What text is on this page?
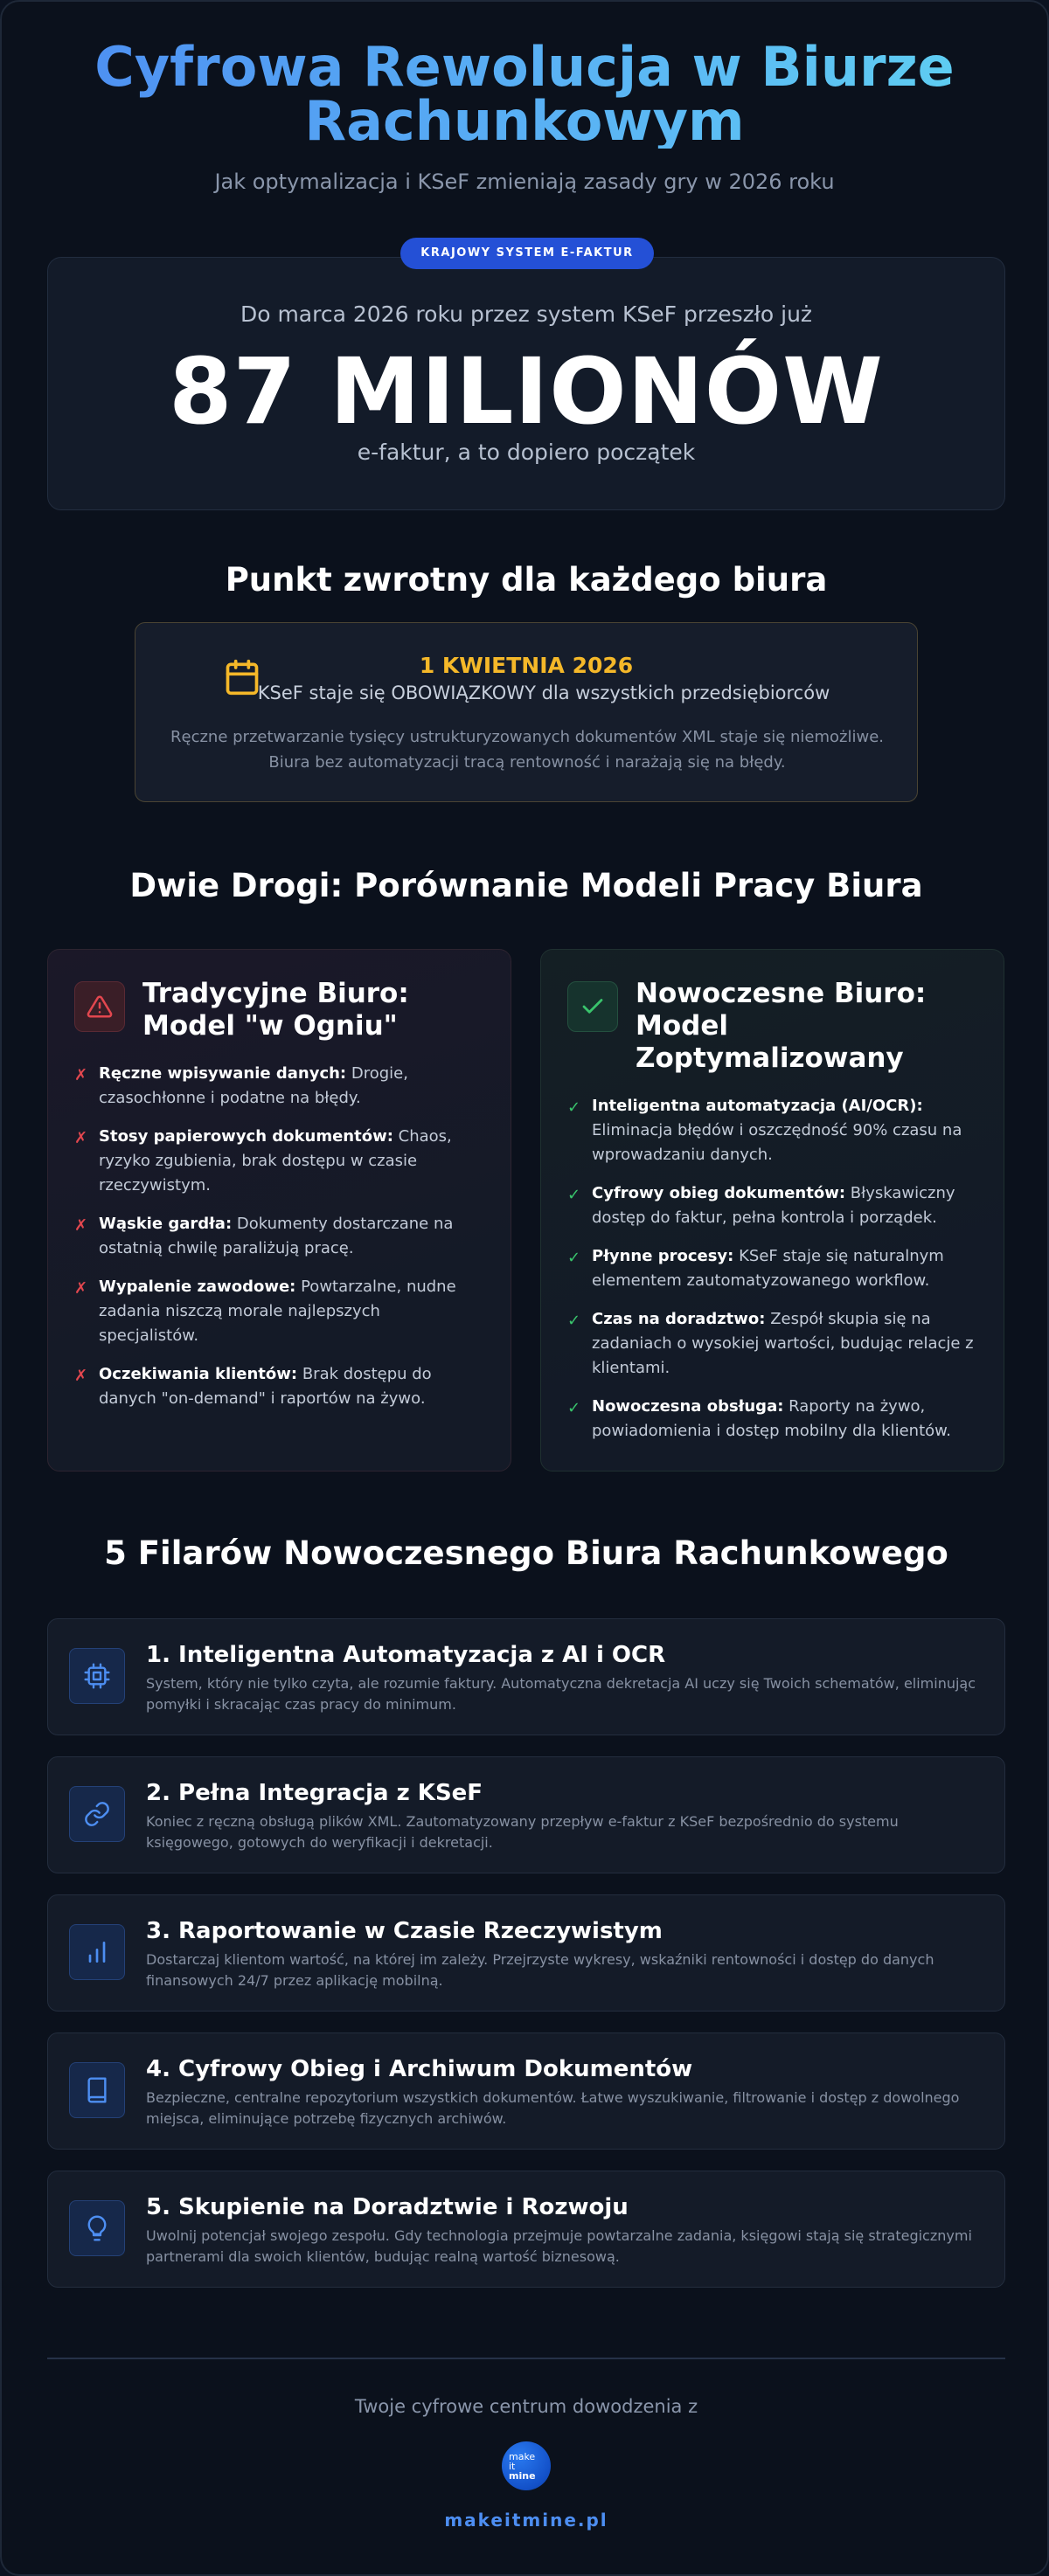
Cyfrowa Rewolucja w Biurze Rachunkowym

Jak optymalizacja i KSeF zmieniają zasady gry w 2026 roku

Do marca 2026 roku przez system KSeF przeszło już
87 MILIONÓW
e-faktur, a to dopiero początek
KRAJOWY SYSTEM E-FAKTUR
Punkt zwrotny dla każdego biura
1 KWIETNIA 2026
KSeF staje się OBOWIĄZKOWY dla wszystkich przedsiębiorców
Ręczne przetwarzanie tysięcy ustrukturyzowanych dokumentów XML staje się niemożliwe.
Biura bez automatyzacji tracą rentowność i narażają się na błędy.
Dwie Drogi: Porównanie Modeli Pracy Biura
Tradycyjne Biuro: Model "w Ogniu"
✗ Ręczne wpisywanie danych: Drogie, czasochłonne i podatne na błędy.
✗ Stosy papierowych dokumentów: Chaos, ryzyko zgubienia, brak dostępu w czasie rzeczywistym.
✗ Wąskie gardła: Dokumenty dostarczane na ostatnią chwilę paraliżują pracę.
✗ Wypalenie zawodowe: Powtarzalne, nudne zadania niszczą morale najlepszych specjalistów.
✗ Oczekiwania klientów: Brak dostępu do danych "on-demand" i raportów na żywo.
Nowoczesne Biuro: Model Zoptymalizowany
✓ Inteligentna automatyzacja (AI/OCR): Eliminacja błędów i oszczędność 90% czasu na wprowadzaniu danych.
✓ Cyfrowy obieg dokumentów: Błyskawiczny dostęp do faktur, pełna kontrola i porządek.
✓ Płynne procesy: KSeF staje się naturalnym elementem zautomatyzowanego workflow.
✓ Czas na doradztwo: Zespół skupia się na zadaniach o wysokiej wartości, budując relacje z klientami.
✓ Nowoczesna obsługa: Raporty na żywo, powiadomienia i dostęp mobilny dla klientów.
5 Filarów Nowoczesnego Biura Rachunkowego
1. Inteligentna Automatyzacja z AI i OCR
System, który nie tylko czyta, ale rozumie faktury. Automatyczna dekretacja AI uczy się Twoich schematów, eliminując pomyłki i skracając czas pracy do minimum.
2. Pełna Integracja z KSeF
Koniec z ręczną obsługą plików XML. Zautomatyzowany przepływ e-faktur z KSeF bezpośrednio do systemu księgowego, gotowych do weryfikacji i dekretacji.
3. Raportowanie w Czasie Rzeczywistym
Dostarczaj klientom wartość, na której im zależy. Przejrzyste wykresy, wskaźniki rentowności i dostęp do danych finansowych 24/7 przez aplikację mobilną.
4. Cyfrowy Obieg i Archiwum Dokumentów
Bezpieczne, centralne repozytorium wszystkich dokumentów. Łatwe wyszukiwanie, filtrowanie i dostęp z dowolnego miejsca, eliminujące potrzebę fizycznych archiwów.
5. Skupienie na Doradztwie i Rozwoju
Uwolnij potencjał swojego zespołu. Gdy technologia przejmuje powtarzalne zadania, księgowi stają się strategicznymi partnerami dla swoich klientów, budując realną wartość biznesową.
Twoje cyfrowe centrum dowodzenia z
make
it
mine
makeitmine.pl
